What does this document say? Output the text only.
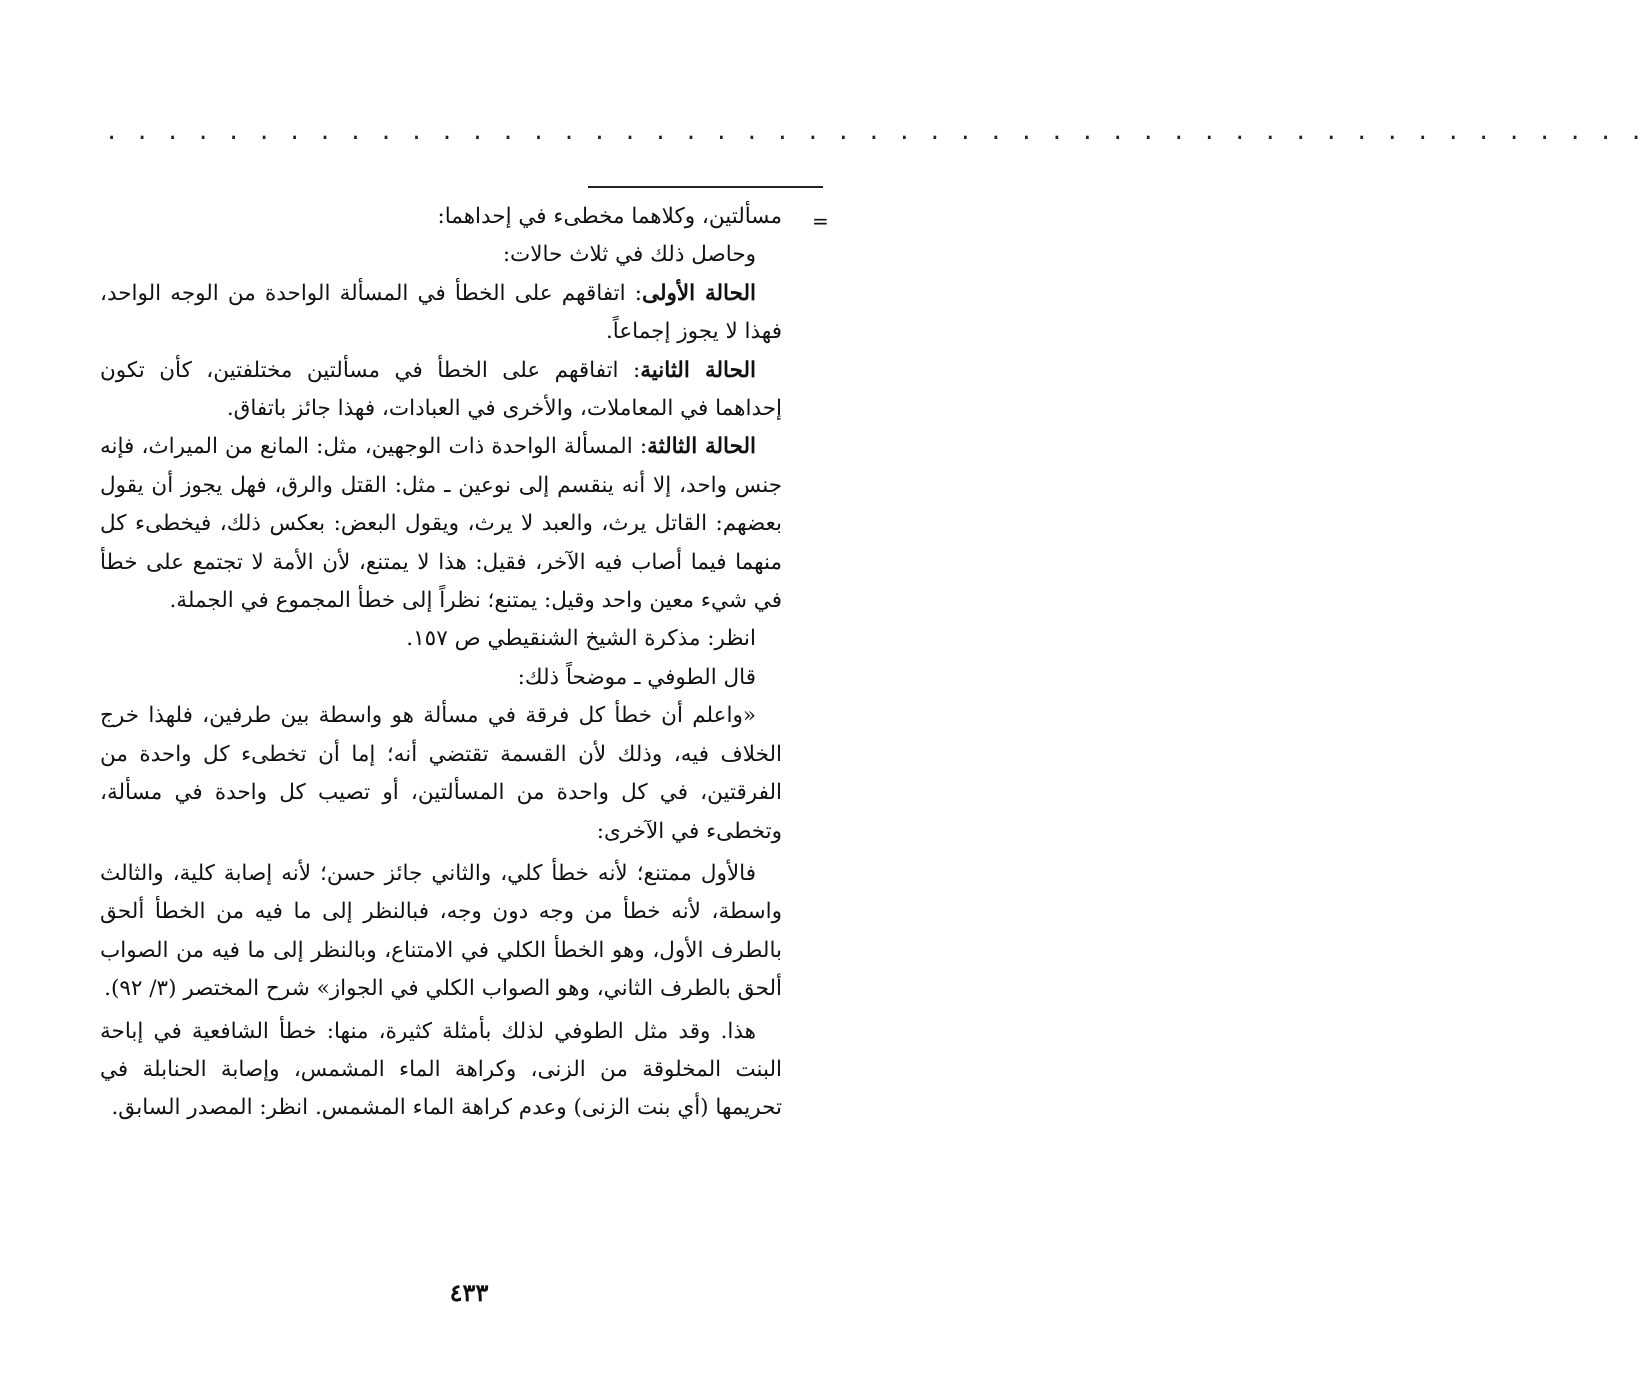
. . . . . . . . . . . . . . . . . . . . . . . . . . . . . . . . . . . . . . . . . . . . . . . . . . .
=

مسألتين، وكلاهما مخطىء في إحداهما:

وحاصل ذلك في ثلاث حالات:

الحالة الأولى: اتفاقهم على الخطأ في المسألة الواحدة من الوجه الواحد، فهذا لا يجوز إجماعاً.

الحالة الثانية: اتفاقهم على الخطأ في مسألتين مختلفتين، كأن تكون إحداهما في المعاملات، والأخرى في العبادات، فهذا جائز باتفاق.

الحالة الثالثة: المسألة الواحدة ذات الوجهين، مثل: المانع من الميراث، فإنه جنس واحد، إلا أنه ينقسم إلى نوعين ـ مثل: القتل والرق، فهل يجوز أن يقول بعضهم: القاتل يرث، والعبد لا يرث، ويقول البعض: بعكس ذلك، فيخطىء كل منهما فيما أصاب فيه الآخر، فقيل: هذا لا يمتنع، لأن الأمة لا تجتمع على خطأ في شيء معين واحد وقيل: يمتنع؛ نظراً إلى خطأ المجموع في الجملة.

انظر: مذكرة الشيخ الشنقيطي ص ١٥٧.

قال الطوفي ـ موضحاً ذلك:

«واعلم أن خطأ كل فرقة في مسألة هو واسطة بين طرفين، فلهذا خرج الخلاف فيه، وذلك لأن القسمة تقتضي أنه؛ إما أن تخطىء كل واحدة من الفرقتين، في كل واحدة من المسألتين، أو تصيب كل واحدة في مسألة، وتخطىء في الآخرى:

فالأول ممتنع؛ لأنه خطأ كلي، والثاني جائز حسن؛ لأنه إصابة كلية، والثالث واسطة، لأنه خطأ من وجه دون وجه، فبالنظر إلى ما فيه من الخطأ ألحق بالطرف الأول، وهو الخطأ الكلي في الامتناع، وبالنظر إلى ما فيه من الصواب ألحق بالطرف الثاني، وهو الصواب الكلي في الجواز» شرح المختصر (٣/ ٩٢).

هذا. وقد مثل الطوفي لذلك بأمثلة كثيرة، منها: خطأ الشافعية في إباحة البنت المخلوقة من الزنى، وكراهة الماء المشمس، وإصابة الحنابلة في تحريمها (أي بنت الزنى) وعدم كراهة الماء المشمس. انظر: المصدر السابق.

٤٣٣
